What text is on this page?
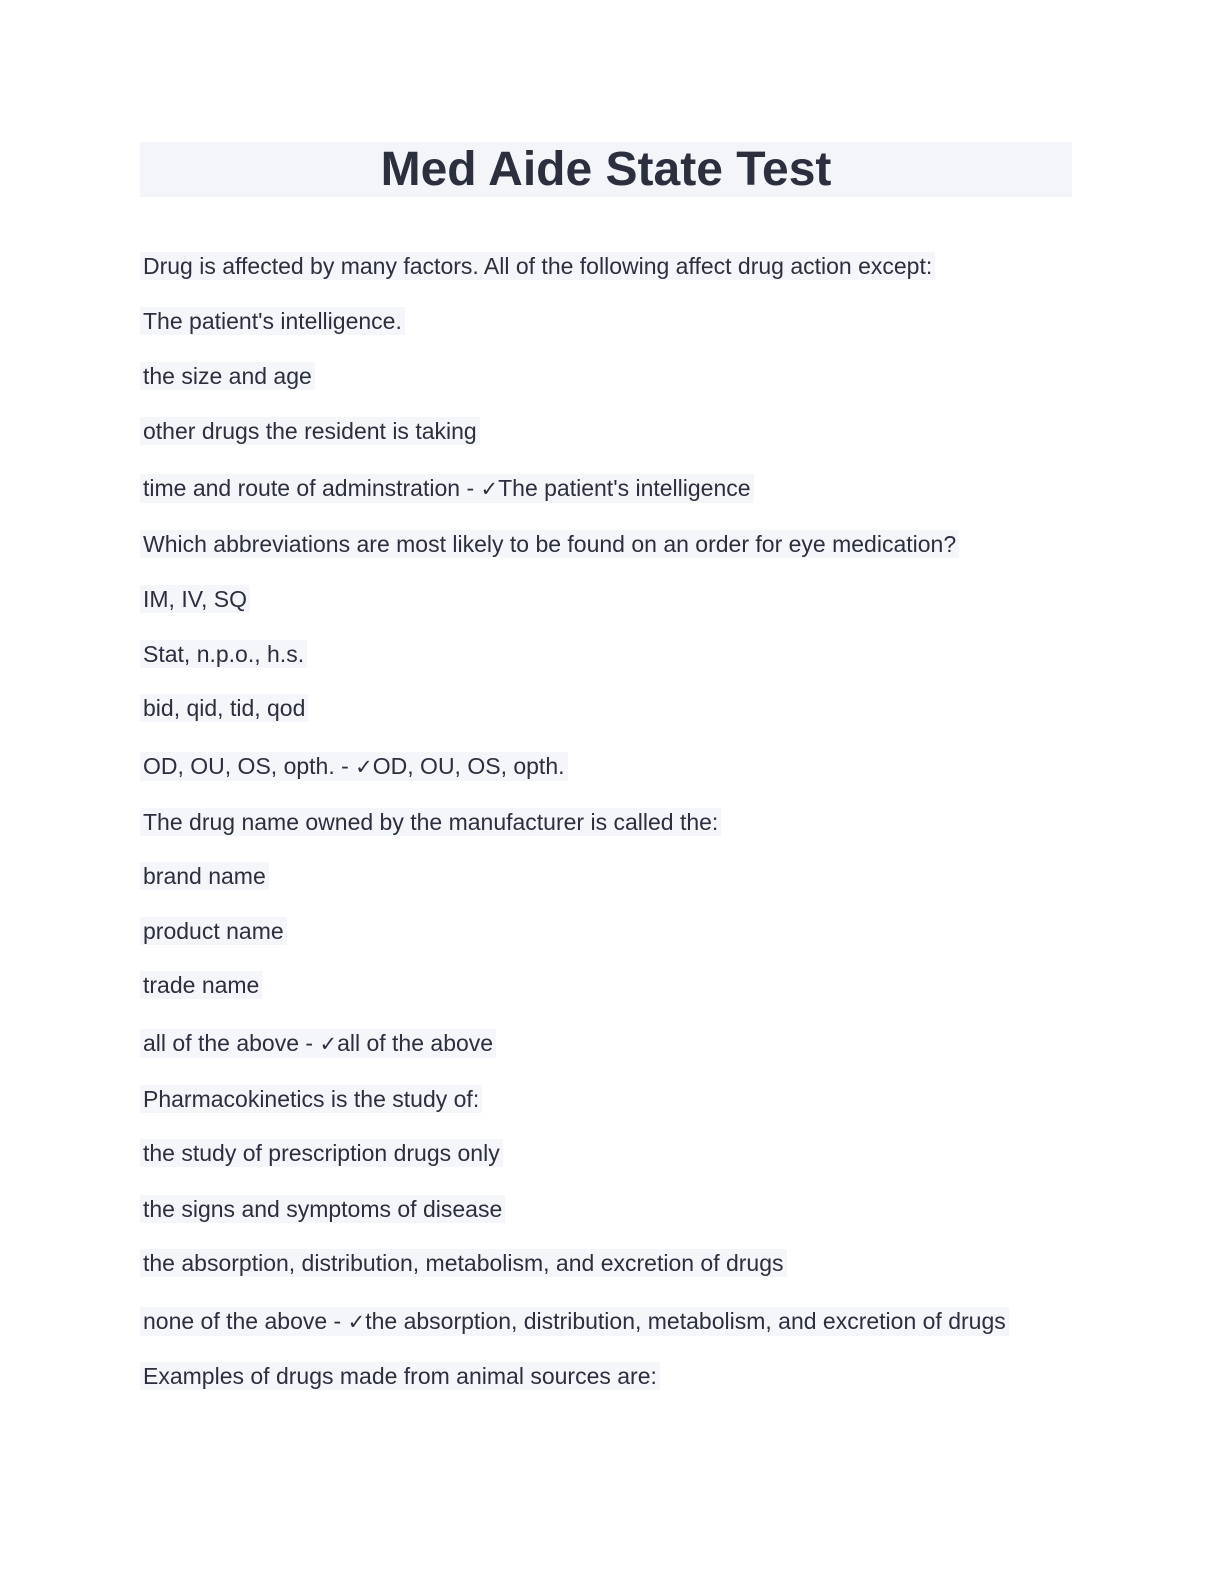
Med Aide State Test
Drug is affected by many factors. All of the following affect drug action except:
The patient's intelligence.
the size and age
other drugs the resident is taking
time and route of adminstration - ✓The patient's intelligence
Which abbreviations are most likely to be found on an order for eye medication?
IM, IV, SQ
Stat, n.p.o., h.s.
bid, qid, tid, qod
OD, OU, OS, opth. - ✓OD, OU, OS, opth.
The drug name owned by the manufacturer is called the:
brand name
product name
trade name
all of the above - ✓all of the above
Pharmacokinetics is the study of:
the study of prescription drugs only
the signs and symptoms of disease
the absorption, distribution, metabolism, and excretion of drugs
none of the above - ✓the absorption, distribution, metabolism, and excretion of drugs
Examples of drugs made from animal sources are:
